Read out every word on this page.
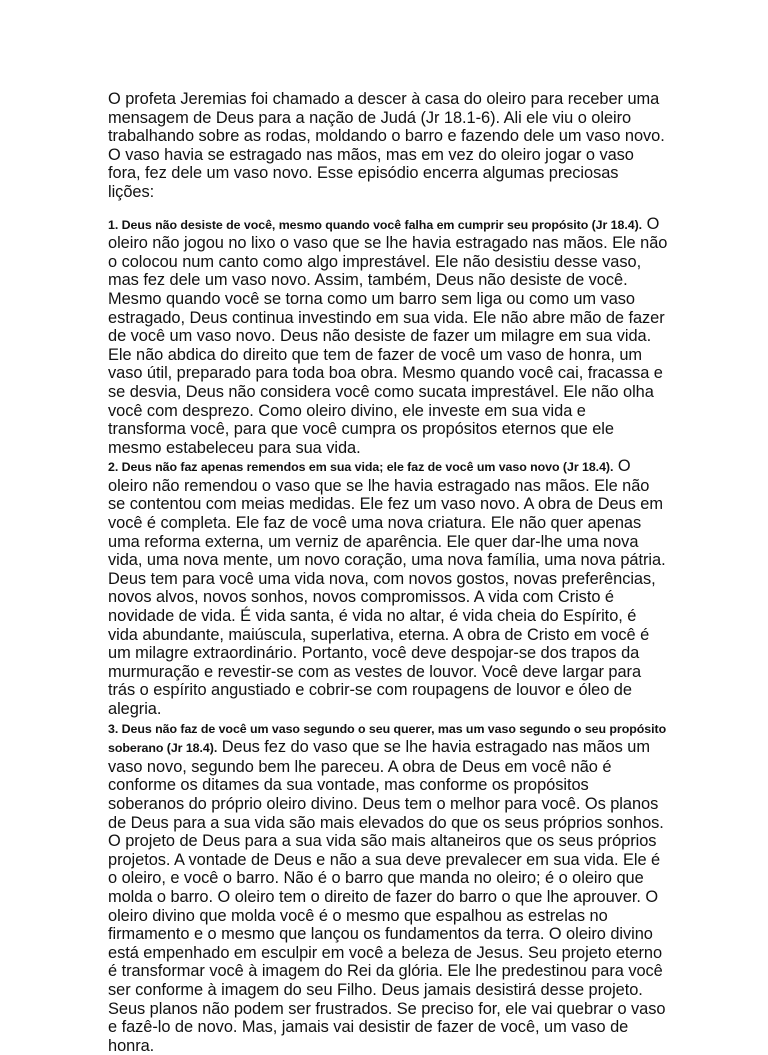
O profeta Jeremias foi chamado a descer à casa do oleiro para receber uma mensagem de Deus para a nação de Judá (Jr 18.1-6). Ali ele viu o oleiro trabalhando sobre as rodas, moldando o barro e fazendo dele um vaso novo. O vaso havia se estragado nas mãos, mas em vez do oleiro jogar o vaso fora, fez dele um vaso novo. Esse episódio encerra algumas preciosas lições:

1. Deus não desiste de você, mesmo quando você falha em cumprir seu propósito (Jr 18.4). O oleiro não jogou no lixo o vaso que se lhe havia estragado nas mãos. Ele não o colocou num canto como algo imprestável. Ele não desistiu desse vaso, mas fez dele um vaso novo. Assim, também, Deus não desiste de você. Mesmo quando você se torna como um barro sem liga ou como um vaso estragado, Deus continua investindo em sua vida. Ele não abre mão de fazer de você um vaso novo. Deus não desiste de fazer um milagre em sua vida. Ele não abdica do direito que tem de fazer de você um vaso de honra, um vaso útil, preparado para toda boa obra. Mesmo quando você cai, fracassa e se desvia, Deus não considera você como sucata imprestável. Ele não olha você com desprezo. Como oleiro divino, ele investe em sua vida e transforma você, para que você cumpra os propósitos eternos que ele mesmo estabeleceu para sua vida.

2. Deus não faz apenas remendos em sua vida; ele faz de você um vaso novo (Jr 18.4). O oleiro não remendou o vaso que se lhe havia estragado nas mãos. Ele não se contentou com meias medidas. Ele fez um vaso novo. A obra de Deus em você é completa. Ele faz de você uma nova criatura. Ele não quer apenas uma reforma externa, um verniz de aparência. Ele quer dar-lhe uma nova vida, uma nova mente, um novo coração, uma nova família, uma nova pátria. Deus tem para você uma vida nova, com novos gostos, novas preferências, novos alvos, novos sonhos, novos compromissos. A vida com Cristo é novidade de vida. É vida santa, é vida no altar, é vida cheia do Espírito, é vida abundante, maiúscula, superlativa, eterna. A obra de Cristo em você é um milagre extraordinário. Portanto, você deve despojar-se dos trapos da murmuração e revestir-se com as vestes de louvor. Você deve largar para trás o espírito angustiado e cobrir-se com roupagens de louvor e óleo de alegria.

3. Deus não faz de você um vaso segundo o seu querer, mas um vaso segundo o seu propósito soberano (Jr 18.4). Deus fez do vaso que se lhe havia estragado nas mãos um vaso novo, segundo bem lhe pareceu. A obra de Deus em você não é conforme os ditames da sua vontade, mas conforme os propósitos soberanos do próprio oleiro divino. Deus tem o melhor para você. Os planos de Deus para a sua vida são mais elevados do que os seus próprios sonhos. O projeto de Deus para a sua vida são mais altaneiros que os seus próprios projetos. A vontade de Deus e não a sua deve prevalecer em sua vida. Ele é o oleiro, e você o barro. Não é o barro que manda no oleiro; é o oleiro que molda o barro. O oleiro tem o direito de fazer do barro o que lhe aprouver. O oleiro divino que molda você é o mesmo que espalhou as estrelas no firmamento e o mesmo que lançou os fundamentos da terra. O oleiro divino está empenhado em esculpir em você a beleza de Jesus. Seu projeto eterno é transformar você à imagem do Rei da glória. Ele lhe predestinou para você ser conforme à imagem do seu Filho. Deus jamais desistirá desse projeto. Seus planos não podem ser frustrados. Se preciso for, ele vai quebrar o vaso e fazê-lo de novo. Mas, jamais vai desistir de fazer de você, um vaso de honra.
